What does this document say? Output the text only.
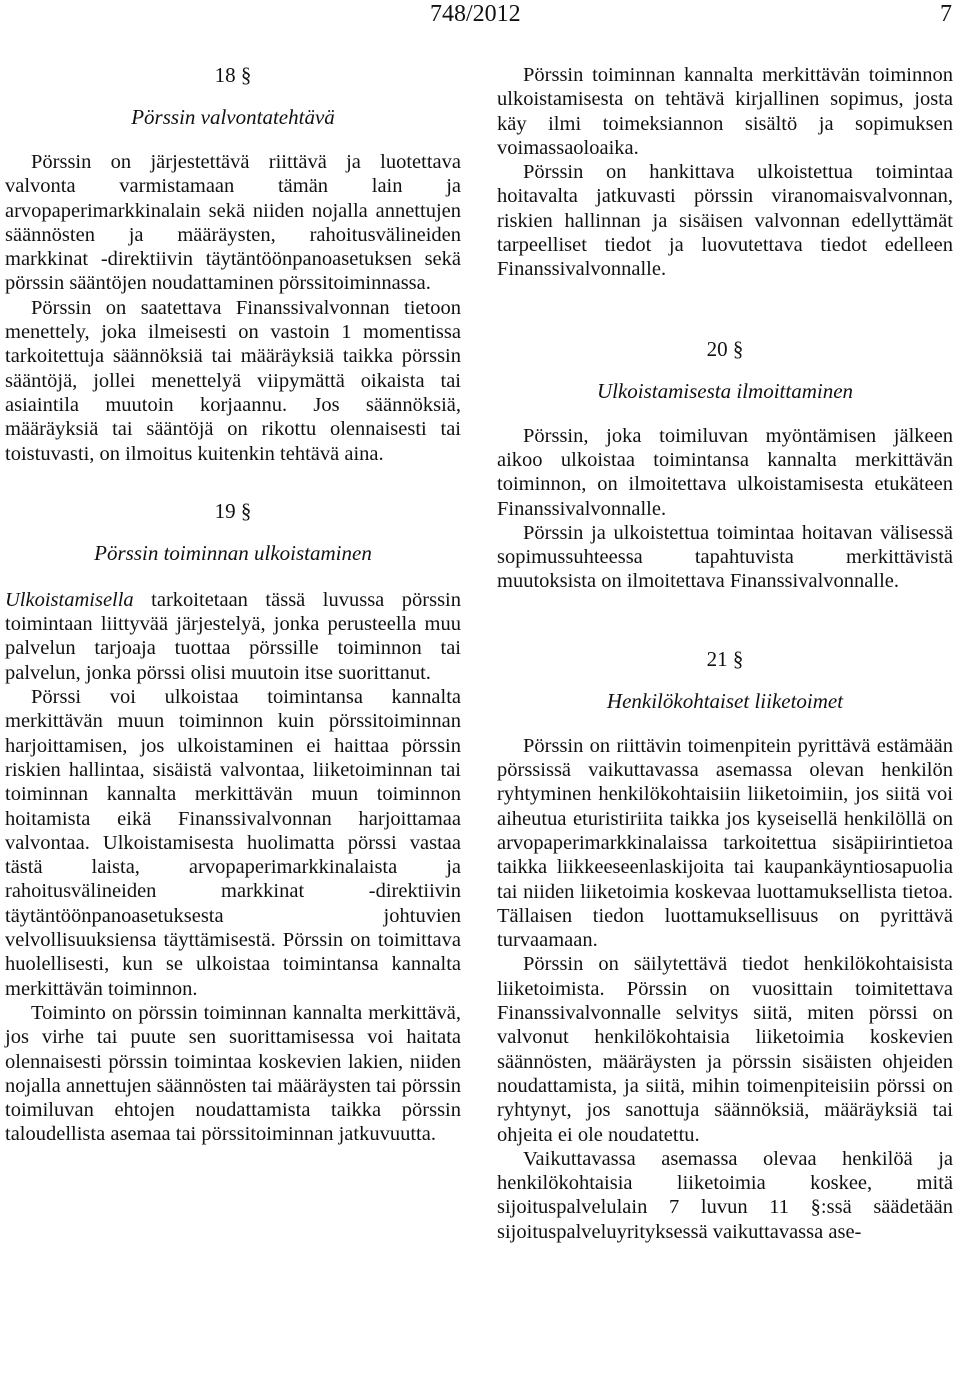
748/2012	7
18 §
Pörssin valvontatehtävä

Pörssin on järjestettävä riittävä ja luotettava valvonta varmistamaan tämän lain ja arvopaperimarkkinalain sekä niiden nojalla annettujen säännösten ja määräysten, rahoitusvälineiden markkinat -direktiivin täytäntöönpanoasetuksen sekä pörssin sääntöjen noudattaminen pörssitoiminnassa.

Pörssin on saatettava Finanssivalvonnan tietoon menettely, joka ilmeisesti on vastoin 1 momentissa tarkoitettuja säännöksiä tai määräyksiä taikka pörssin sääntöjä, jollei menettelyä viipymättä oikaista tai asiaintila muutoin korjaannu. Jos säännöksiä, määräyksiä tai sääntöjä on rikottu olennaisesti tai toistuvasti, on ilmoitus kuitenkin tehtävä aina.

19 §
Pörssin toiminnan ulkoistaminen

Ulkoistamisella tarkoitetaan tässä luvussa pörssin toimintaan liittyvää järjestelyä, jonka perusteella muu palvelun tarjoaja tuottaa pörssille toiminnon tai palvelun, jonka pörssi olisi muutoin itse suorittanut.

Pörssi voi ulkoistaa toimintansa kannalta merkittävän muun toiminnon kuin pörssitoiminnan harjoittamisen, jos ulkoistaminen ei haittaa pörssin riskien hallintaa, sisäistä valvontaa, liiketoiminnan tai toiminnan kannalta merkittävän muun toiminnon hoitamista eikä Finanssivalvonnan harjoittamaa valvontaa. Ulkoistamisesta huolimatta pörssi vastaa tästä laista, arvopaperimarkkinalaista ja rahoitusvälineiden markkinat -direktiivin täytäntöönpanoasetuksesta johtuvien velvollisuuksiensa täyttämisestä. Pörssin on toimittava huolellisesti, kun se ulkoistaa toimintansa kannalta merkittävän toiminnon.

Toiminto on pörssin toiminnan kannalta merkittävä, jos virhe tai puute sen suorittamisessa voi haitata olennaisesti pörssin toimintaa koskevien lakien, niiden nojalla annettujen säännösten tai määräysten tai pörssin toimiluvan ehtojen noudattamista taikka pörssin taloudellista asemaa tai pörssitoiminnan jatkuvuutta.

Pörssin toiminnan kannalta merkittävän toiminnon ulkoistamisesta on tehtävä kirjallinen sopimus, josta käy ilmi toimeksiannon sisältö ja sopimuksen voimassaoloaika.

Pörssin on hankittava ulkoistettua toimintaa hoitavalta jatkuvasti pörssin viranomaisvalvonnan, riskien hallinnan ja sisäisen valvonnan edellyttämät tarpeelliset tiedot ja luovutettava tiedot edelleen Finanssivalvonnalle.

20 §
Ulkoistamisesta ilmoittaminen

Pörssin, joka toimiluvan myöntämisen jälkeen aikoo ulkoistaa toimintansa kannalta merkittävän toiminnon, on ilmoitettava ulkoistamisesta etukäteen Finanssivalvonnalle.

Pörssin ja ulkoistettua toimintaa hoitavan välisessä sopimussuhteessa tapahtuvista merkittävistä muutoksista on ilmoitettava Finanssivalvonnalle.

21 §
Henkilökohtaiset liiketoimet

Pörssin on riittävin toimenpitein pyrittävä estämään pörssissä vaikuttavassa asemassa olevan henkilön ryhtyminen henkilökohtaisiin liiketoimiin, jos siitä voi aiheutua eturistiriita taikka jos kyseisellä henkilöllä on arvopaperimarkkinalaissa tarkoitettua sisäpiirintietoa taikka liikkeeseenlaskijoita tai kaupankäyntiosapuolia tai niiden liiketoimia koskevaa luottamuksellista tietoa. Tällaisen tiedon luottamuksellisuus on pyrittävä turvaamaan.

Pörssin on säilytettävä tiedot henkilökohtaisista liiketoimista. Pörssin on vuosittain toimitettava Finanssivalvonnalle selvitys siitä, miten pörssi on valvonut henkilökohtaisia liiketoimia koskevien säännösten, määräysten ja pörssin sisäisten ohjeiden noudattamista, ja siitä, mihin toimenpiteisiin pörssi on ryhtynyt, jos sanottuja säännöksiä, määräyksiä tai ohjeita ei ole noudatettu.

Vaikuttavassa asemassa olevaa henkilöä ja henkilökohtaisia liiketoimia koskee, mitä sijoituspalvelulain 7 luvun 11 §:ssä säädetään sijoituspalveluyrityksessä vaikuttavassa ase-
